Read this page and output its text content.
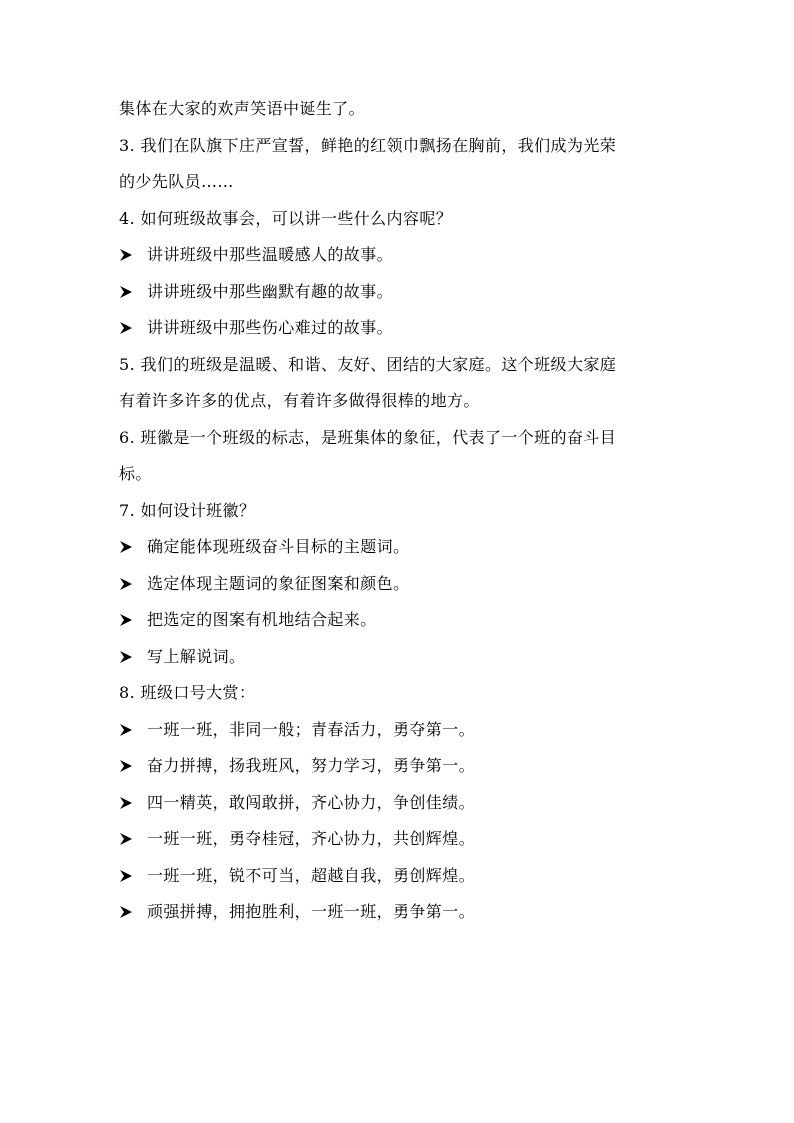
集体在大家的欢声笑语中诞生了。
3. 我们在队旗下庄严宣誓，鲜艳的红领巾飘扬在胸前，我们成为光荣
的少先队员……
4. 如何班级故事会，可以讲一些什么内容呢？
讲讲班级中那些温暖感人的故事。
讲讲班级中那些幽默有趣的故事。
讲讲班级中那些伤心难过的故事。
5. 我们的班级是温暖、和谐、友好、团结的大家庭。这个班级大家庭
有着许多许多的优点，有着许多做得很棒的地方。
6. 班徽是一个班级的标志，是班集体的象征，代表了一个班的奋斗目
标。
7. 如何设计班徽？
确定能体现班级奋斗目标的主题词。
选定体现主题词的象征图案和颜色。
把选定的图案有机地结合起来。
写上解说词。
8. 班级口号大赏：
一班一班，非同一般；青春活力，勇夺第一。
奋力拼搏，扬我班风，努力学习，勇争第一。
四一精英，敢闯敢拼，齐心协力，争创佳绩。
一班一班，勇夺桂冠，齐心协力，共创辉煌。
一班一班，锐不可当，超越自我，勇创辉煌。
顽强拼搏，拥抱胜利，一班一班，勇争第一。
